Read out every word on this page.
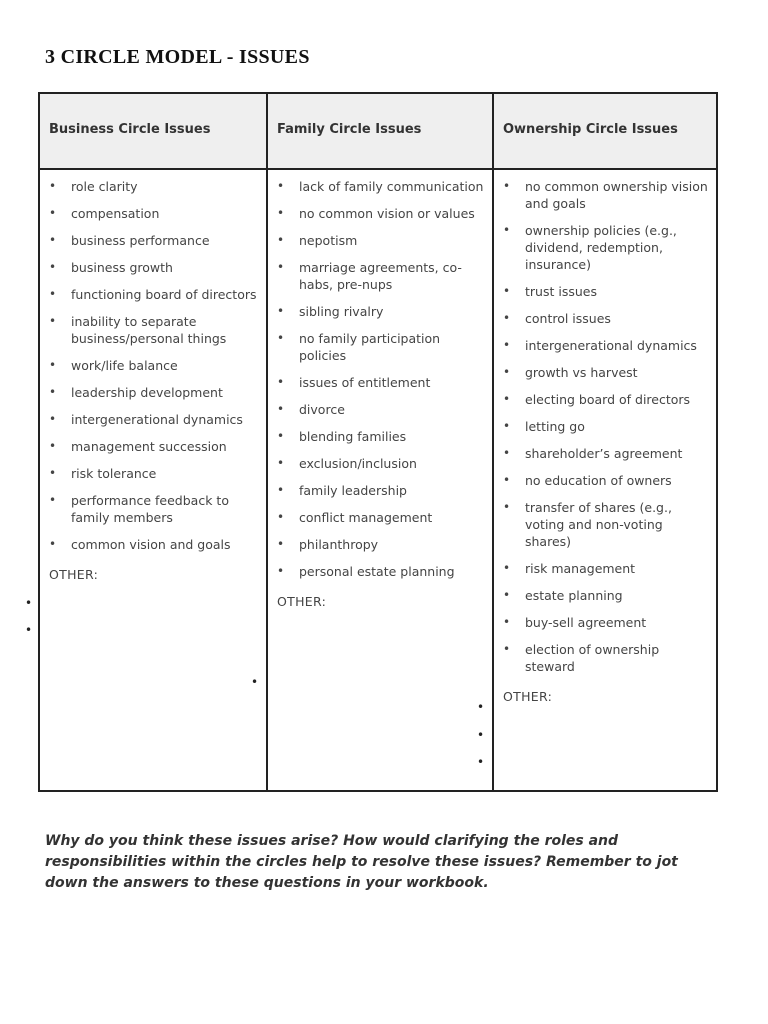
3 CIRCLE MODEL - ISSUES
Business Circle Issues
• role clarity
• compensation
• business performance
• business growth
• functioning board of directors
• inability to separate business/personal things
• work/life balance
• leadership development
• intergenerational dynamics
• management succession
• risk tolerance
• performance feedback to family members
• common vision and goals
OTHER:
Family Circle Issues
• lack of family communication
• no common vision or values
• nepotism
• marriage agreements, co-habs, pre-nups
• sibling rivalry
• no family participation policies
• issues of entitlement
• divorce
• blending families
• exclusion/inclusion
• family leadership
• conflict management
• philanthropy
• personal estate planning
OTHER:
Ownership Circle Issues
• no common ownership vision and goals
• ownership policies (e.g., dividend, redemption, insurance)
• trust issues
• control issues
• intergenerational dynamics
• growth vs harvest
• electing board of directors
• letting go
• shareholder’s agreement
• no education of owners
• transfer of shares (e.g., voting and non-voting shares)
• risk management
• estate planning
• buy-sell agreement
• election of ownership steward
OTHER:
•
•
•
•
•
•

Why do you think these issues arise? How would clarifying the roles and responsibilities within the circles help to resolve these issues? Remember to jot down the answers to these questions in your workbook.
